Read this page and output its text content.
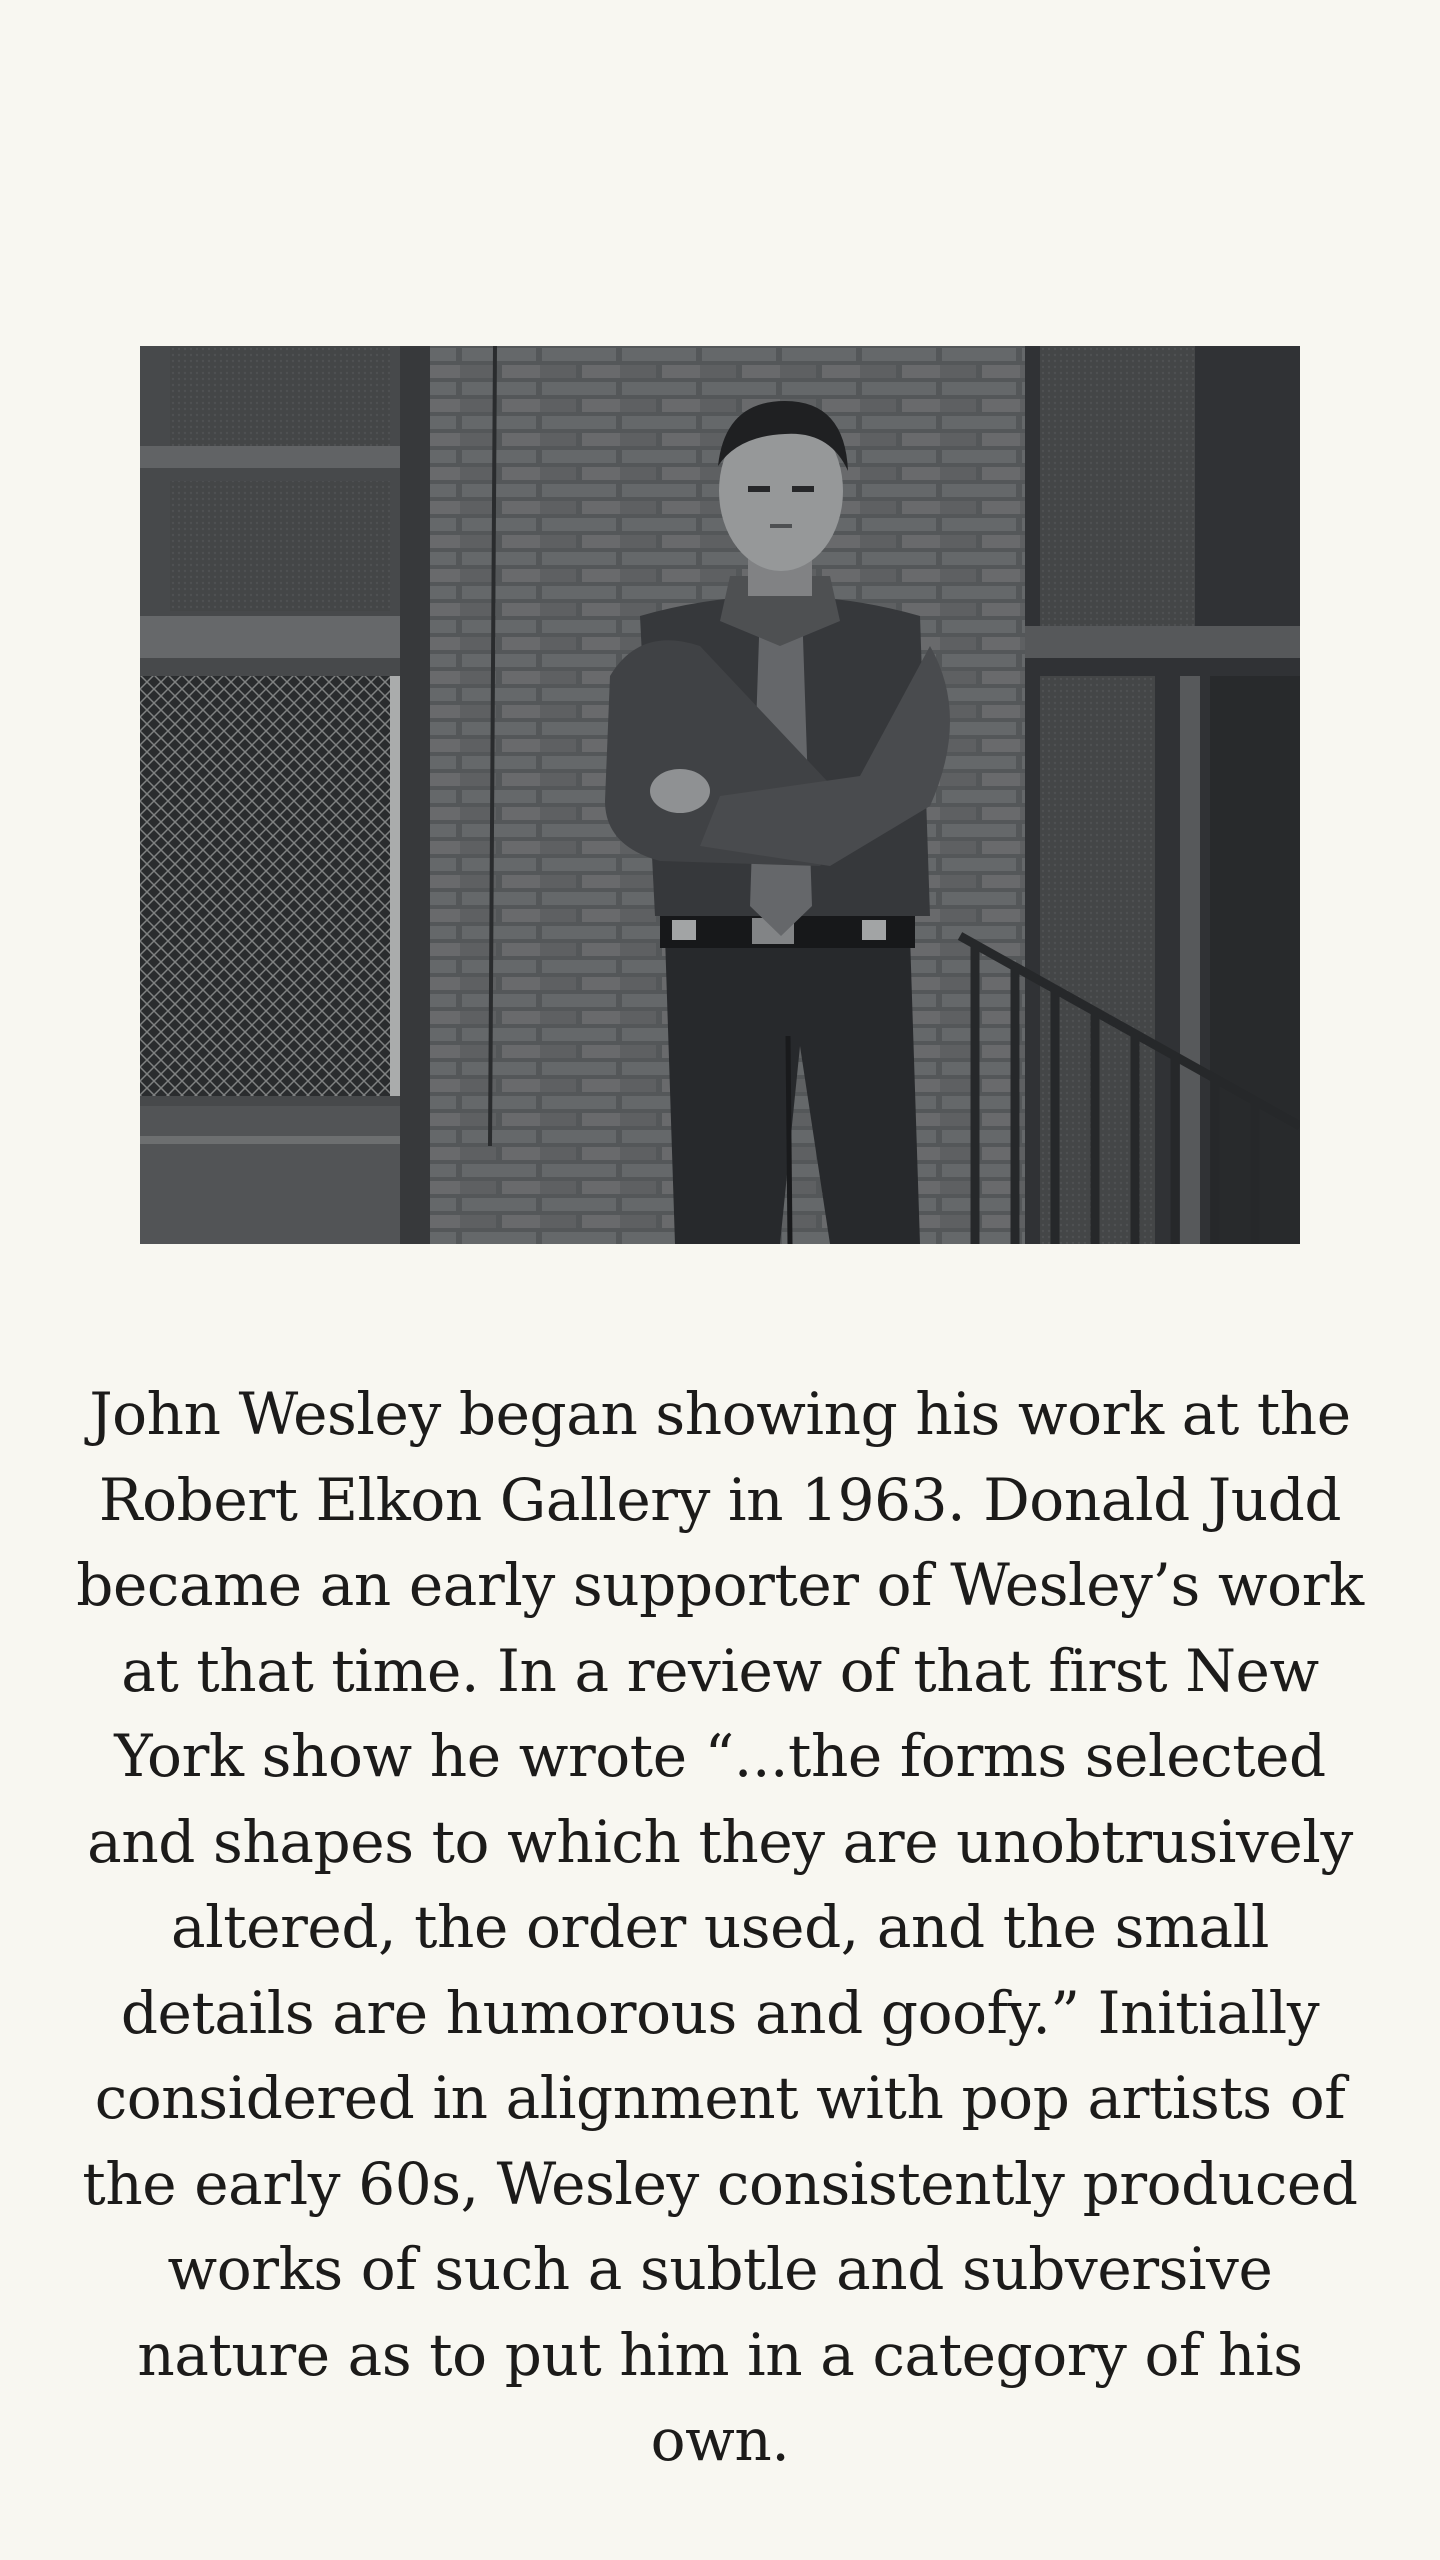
John Wesley began showing his work at the Robert Elkon Gallery in 1963. Donald Judd became an early supporter of Wesley’s work at that time. In a review of that first New York show he wrote “...the forms selected and shapes to which they are unobtrusively altered, the order used, and the small details are humorous and goofy.” Initially considered in alignment with pop artists of the early 60s, Wesley consistently produced works of such a subtle and subversive nature as to put him in a category of his own.
